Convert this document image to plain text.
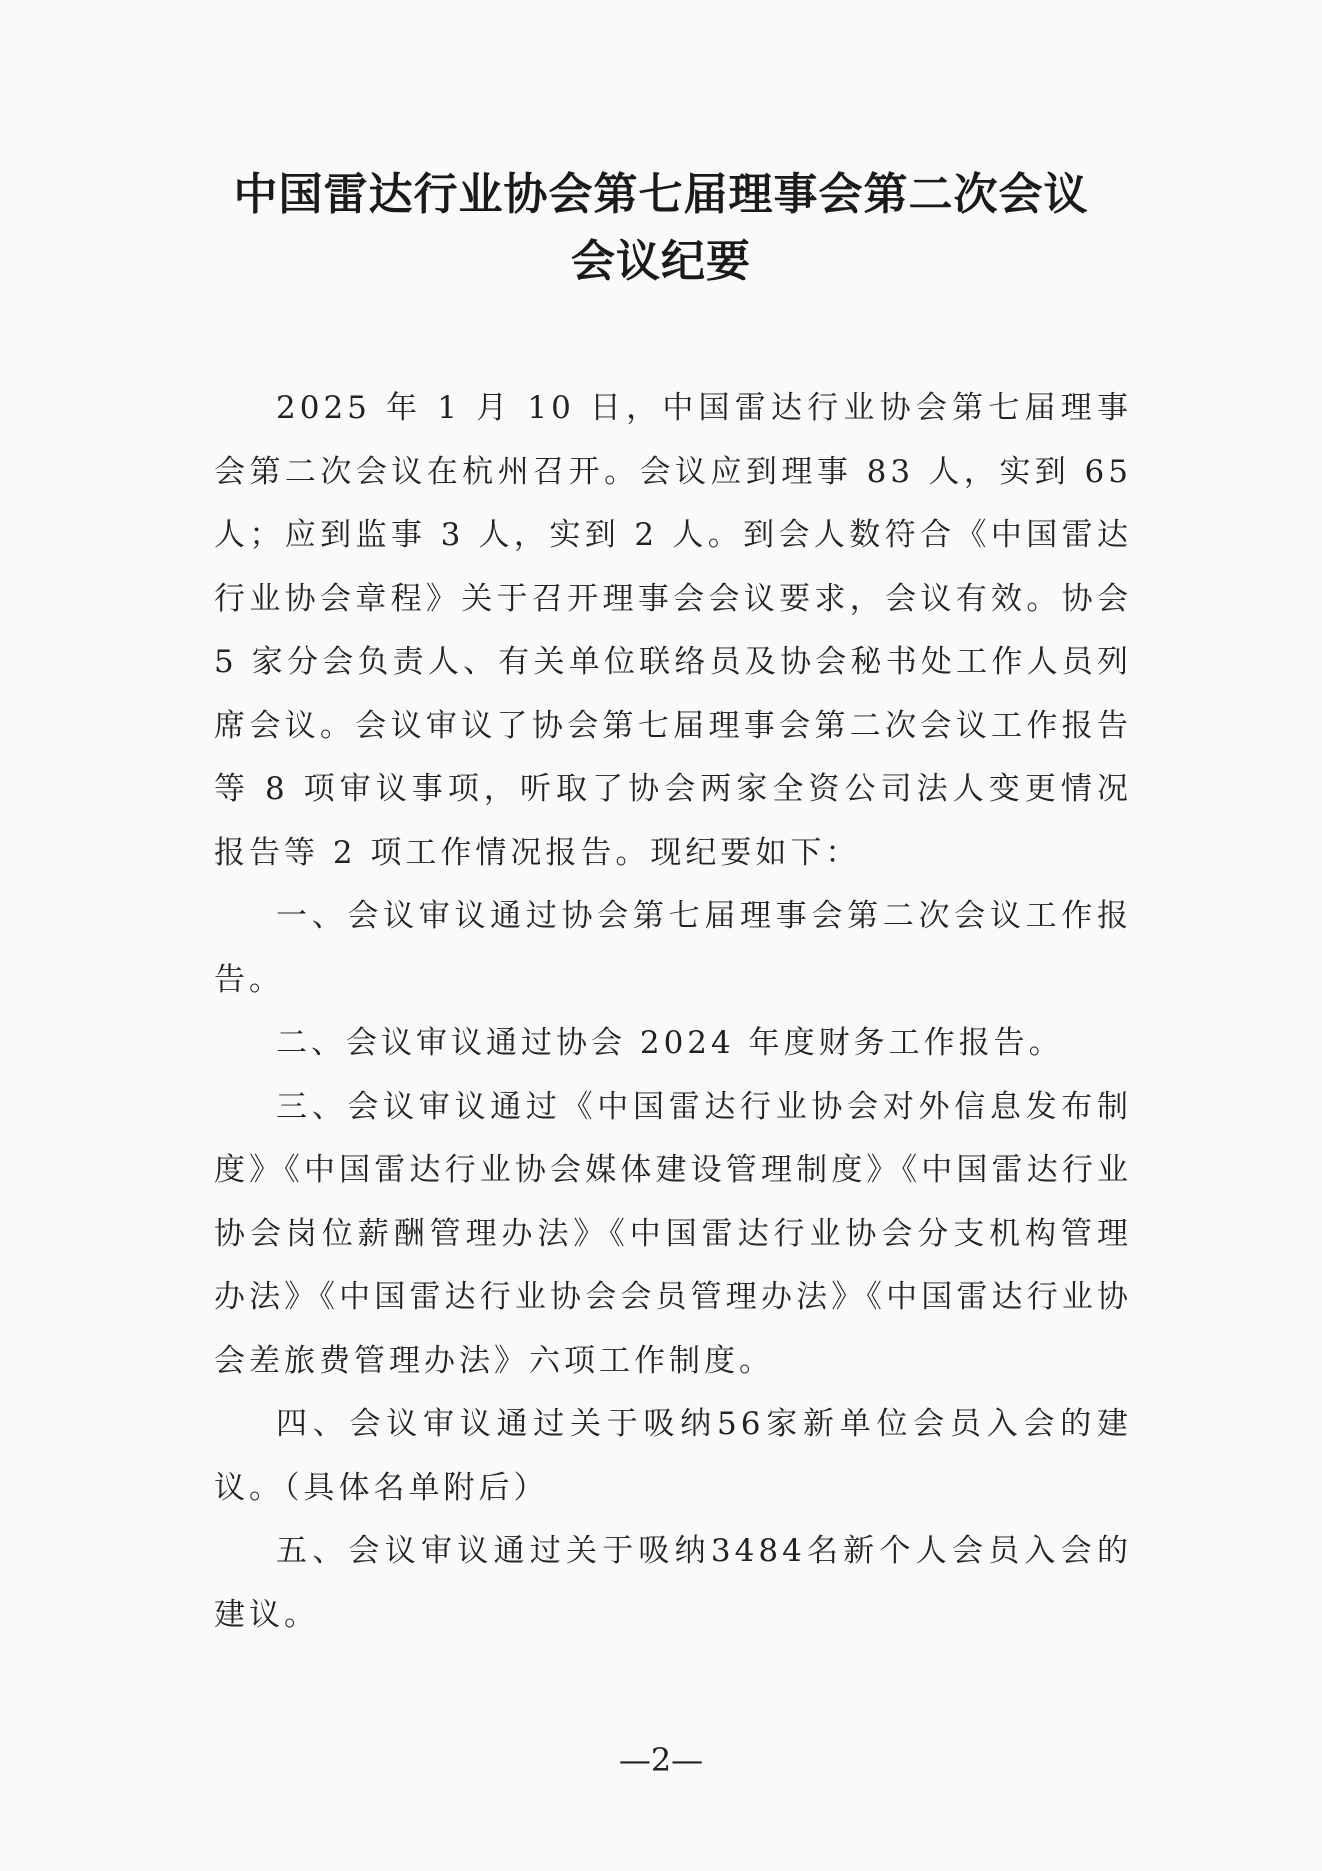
中国雷达行业协会第七届理事会第二次会议
会议纪要

2025 年 1 月 10 日，中国雷达行业协会第七届理事会第二次会议在杭州召开。会议应到理事 83 人，实到 65 人；应到监事 3 人，实到 2 人。到会人数符合《中国雷达行业协会章程》关于召开理事会会议要求，会议有效。协会 5 家分会负责人、有关单位联络员及协会秘书处工作人员列席会议。会议审议了协会第七届理事会第二次会议工作报告等 8 项审议事项，听取了协会两家全资公司法人变更情况报告等 2 项工作情况报告。现纪要如下：

一、会议审议通过协会第七届理事会第二次会议工作报告。

二、会议审议通过协会 2024 年度财务工作报告。

三、会议审议通过《中国雷达行业协会对外信息发布制度》《中国雷达行业协会媒体建设管理制度》《中国雷达行业协会岗位薪酬管理办法》《中国雷达行业协会分支机构管理办法》《中国雷达行业协会会员管理办法》《中国雷达行业协会差旅费管理办法》六项工作制度。

四、会议审议通过关于吸纳56家新单位会员入会的建议。（具体名单附后）

五、会议审议通过关于吸纳3484名新个人会员入会的建议。

—2—
